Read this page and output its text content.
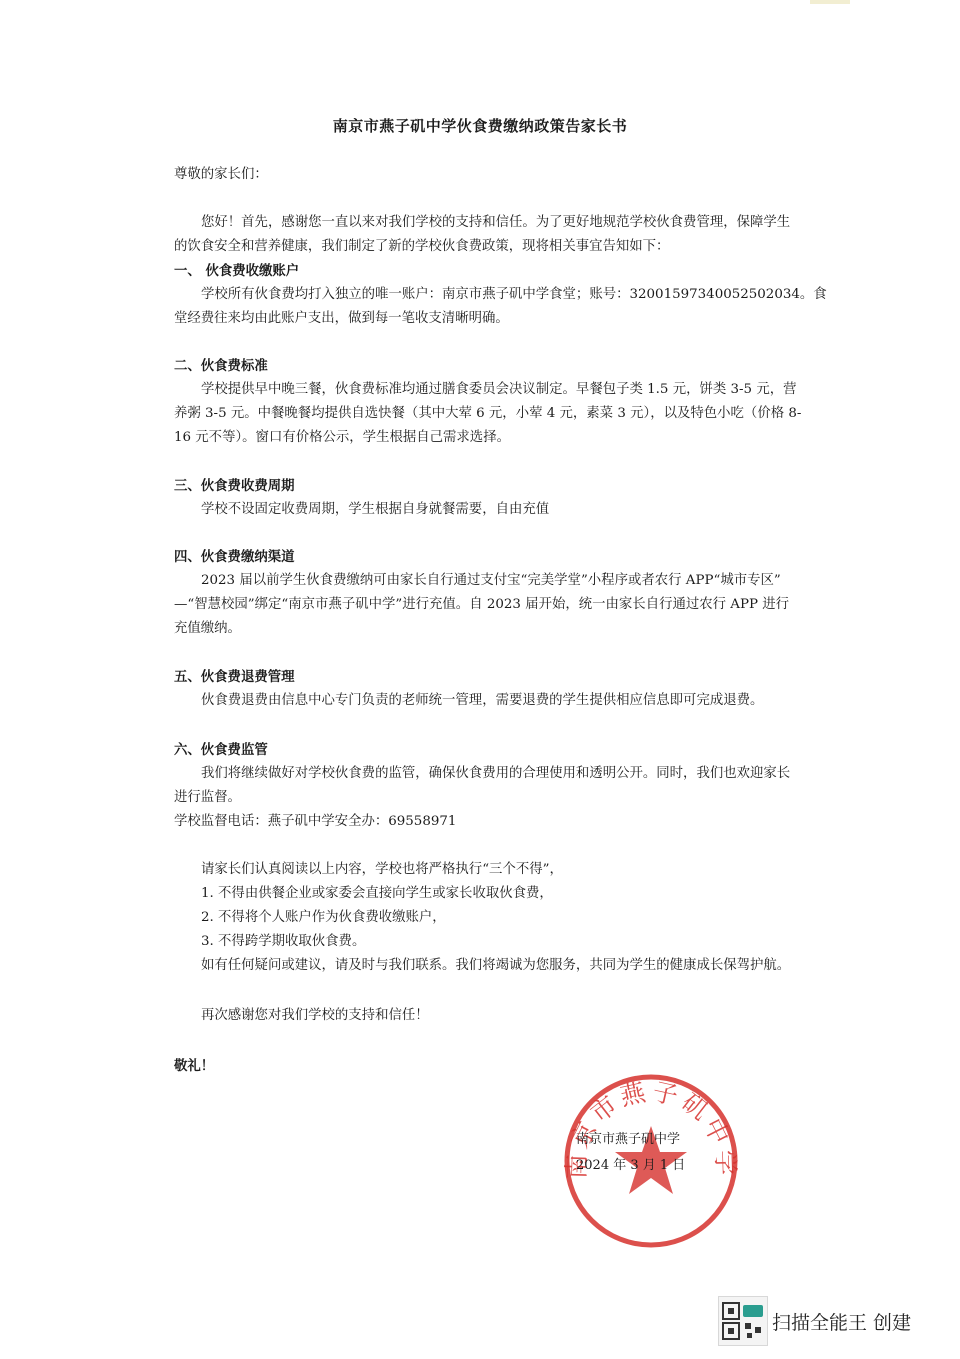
南京市燕子矶中学伙食费缴纳政策告家长书
尊敬的家长们：
您好！首先，感谢您一直以来对我们学校的支持和信任。为了更好地规范学校伙食费管理，保障学生
的饮食安全和营养健康，我们制定了新的学校伙食费政策，现将相关事宜告知如下：
一、 伙食费收缴账户
学校所有伙食费均打入独立的唯一账户：南京市燕子矶中学食堂；账号：32001597340052502034。食
堂经费往来均由此账户支出，做到每一笔收支清晰明确。
二、伙食费标准
学校提供早中晚三餐，伙食费标准均通过膳食委员会决议制定。早餐包子类 1.5 元，饼类 3-5 元，营
养粥 3-5 元。中餐晚餐均提供自选快餐（其中大荤 6 元，小荤 4 元，素菜 3 元），以及特色小吃（价格 8-
16 元不等）。窗口有价格公示，学生根据自己需求选择。
三、伙食费收费周期
学校不设固定收费周期，学生根据自身就餐需要，自由充值
四、伙食费缴纳渠道
2023 届以前学生伙食费缴纳可由家长自行通过支付宝“完美学堂”小程序或者农行 APP“城市专区”
—“智慧校园”绑定“南京市燕子矶中学”进行充值。自 2023 届开始，统一由家长自行通过农行 APP 进行
充值缴纳。
五、伙食费退费管理
伙食费退费由信息中心专门负责的老师统一管理，需要退费的学生提供相应信息即可完成退费。
六、伙食费监管
我们将继续做好对学校伙食费的监管，确保伙食费用的合理使用和透明公开。同时，我们也欢迎家长
进行监督。
学校监督电话：燕子矶中学安全办：69558971
请家长们认真阅读以上内容，学校也将严格执行“三个不得”，
1. 不得由供餐企业或家委会直接向学生或家长收取伙食费，
2. 不得将个人账户作为伙食费收缴账户，
3. 不得跨学期收取伙食费。
如有任何疑问或建议，请及时与我们联系。我们将竭诚为您服务，共同为学生的健康成长保驾护航。
再次感谢您对我们学校的支持和信任！
敬礼！
南京市燕子矶中学
南京市燕子矶中学
2024 年 3 月 1 日
扫描全能王 创建
